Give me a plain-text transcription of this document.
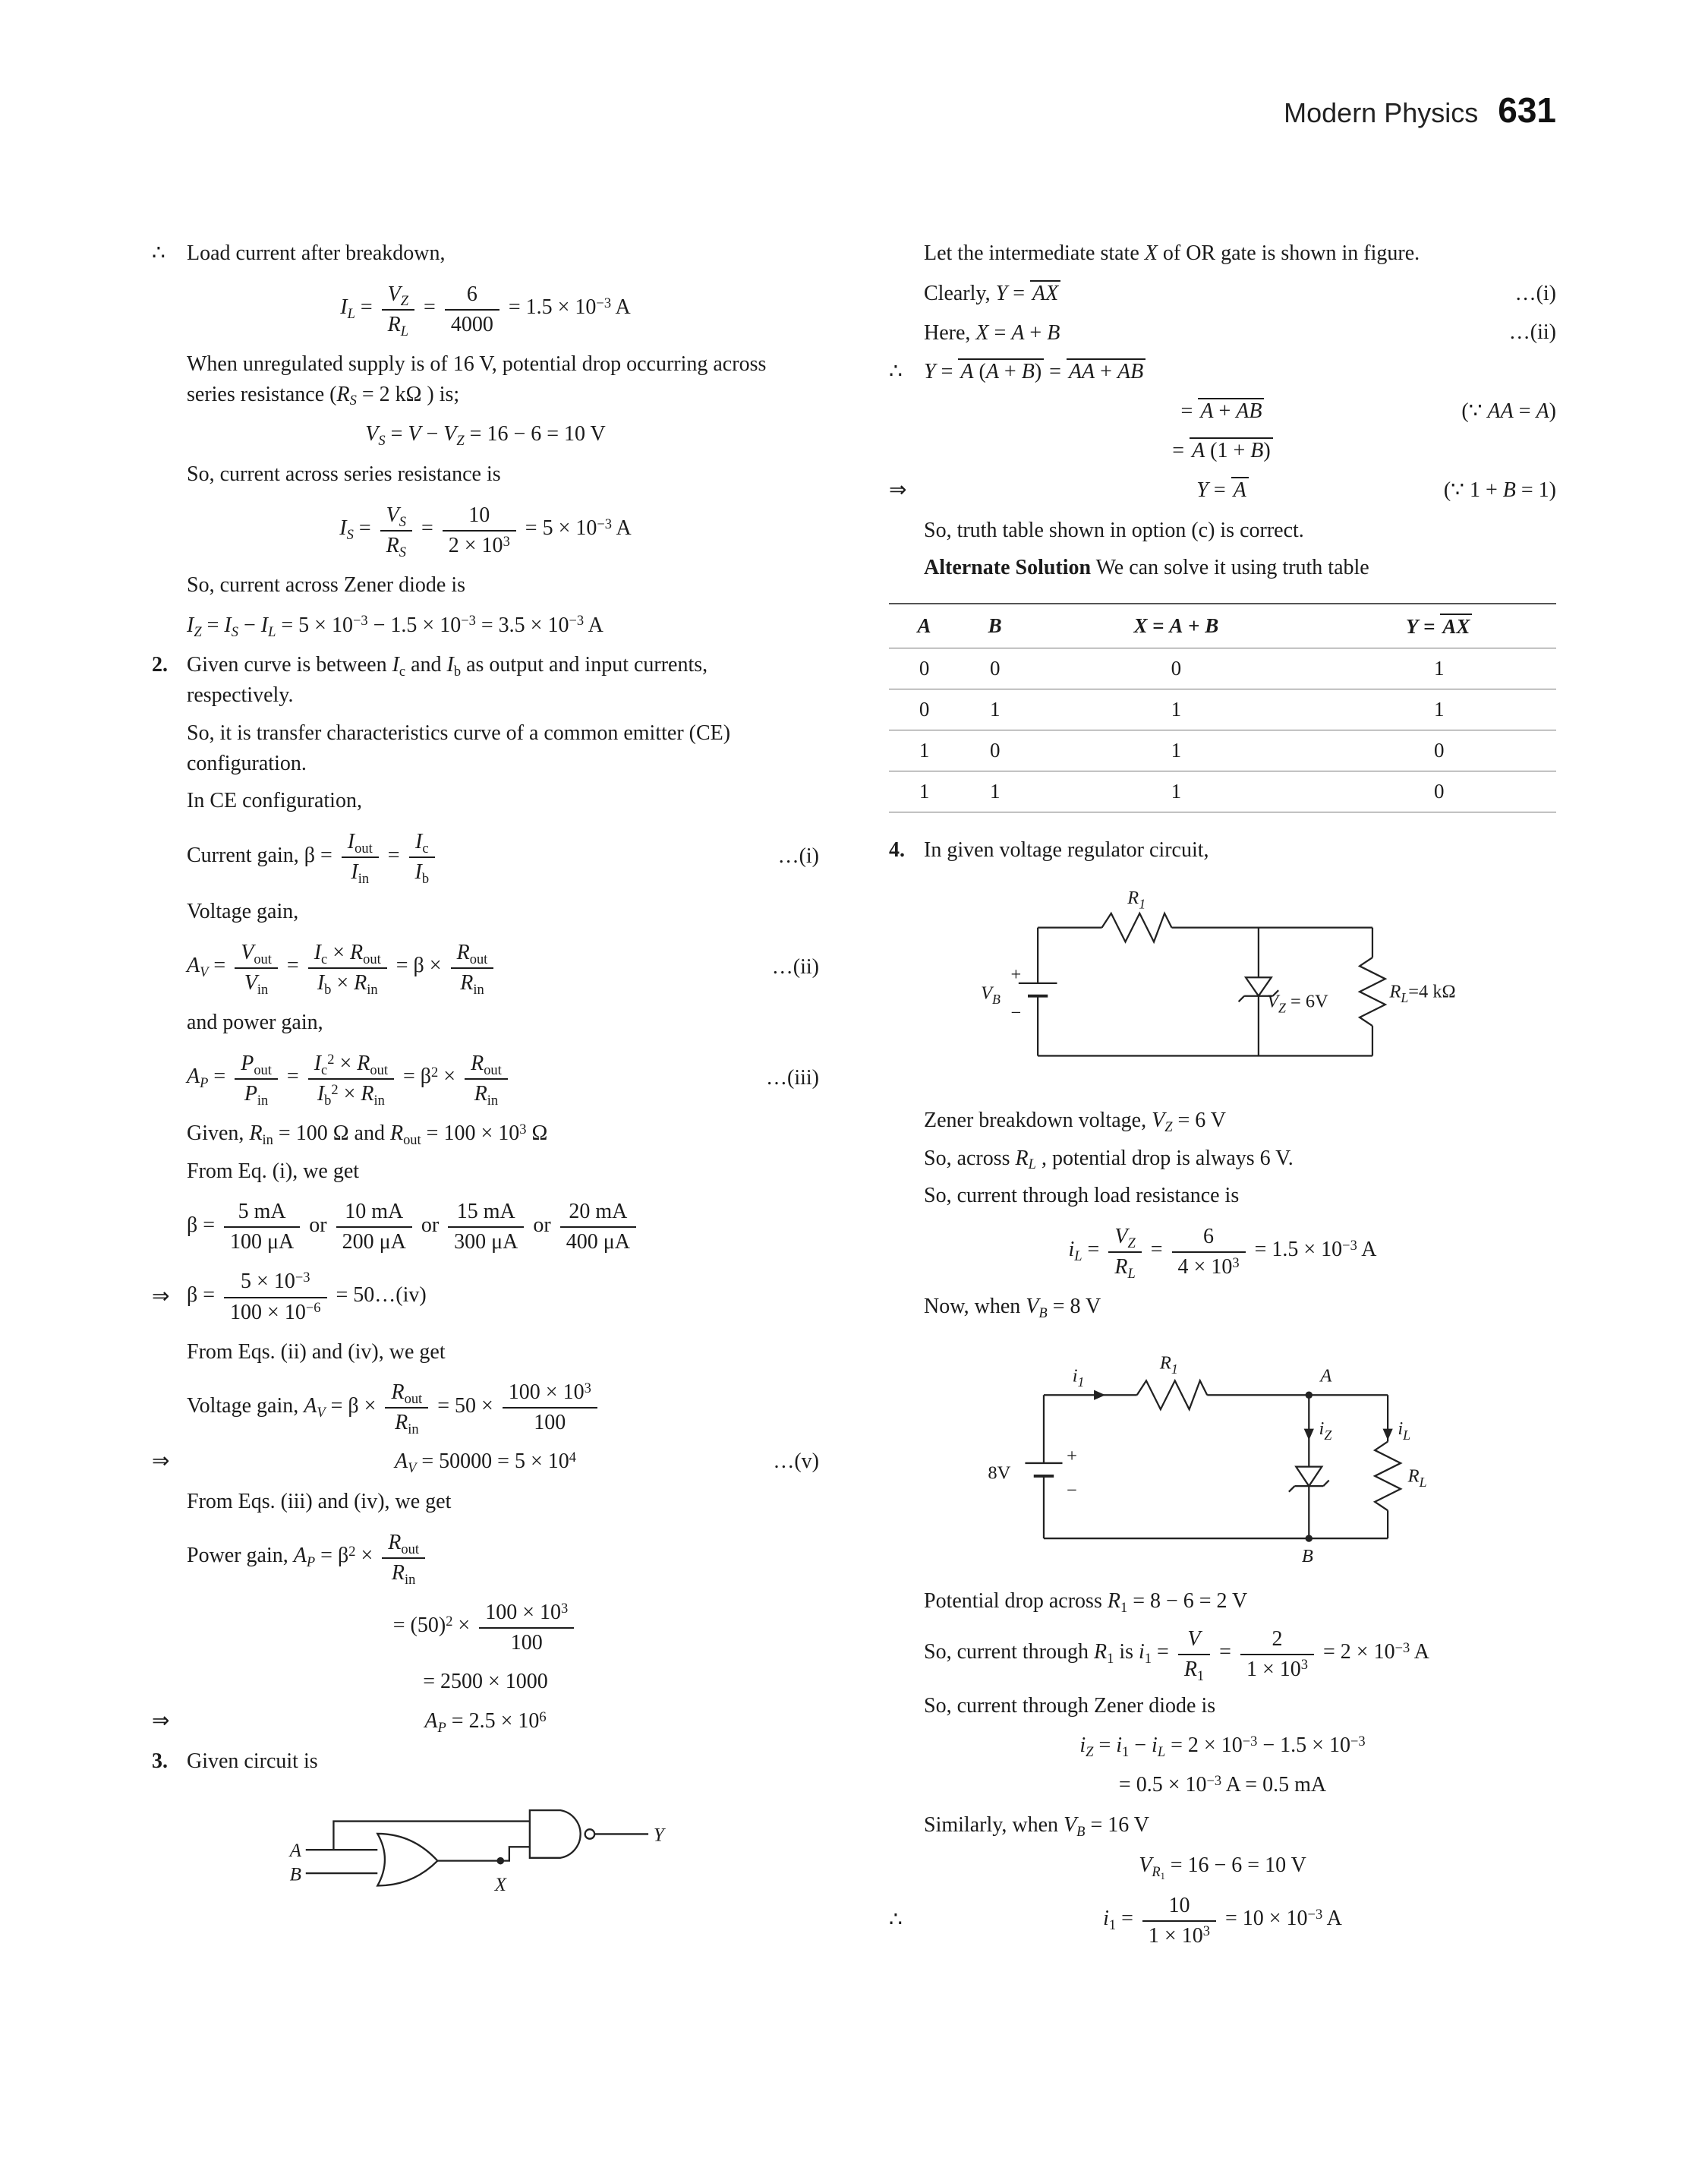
Modern Physics 631
∴ Load current after breakdown,
$I_L = \frac{V_Z}{R_L} = \frac{6}{4000} = 1.5 \times 10^{-3}$ A
When unregulated supply is of 16 V, potential drop occurring across series resistance ($R_S = 2$ kΩ ) is;
$V_S = V - V_Z = 16 - 6 = 10$ V
So, current across series resistance is
$I_S = \frac{V_S}{R_S} = \frac{10}{2 \times 10^3} = 5 \times 10^{-3}$ A
So, current across Zener diode is
$I_Z = I_S - I_L = 5 \times 10^{-3} - 1.5 \times 10^{-3} = 3.5 \times 10^{-3}$ A
2. Given curve is between $I_c$ and $I_b$ as output and input currents, respectively.
So, it is transfer characteristics curve of a common emitter (CE) configuration.
In CE configuration,
Current gain, β =
$I_{out}$
$I_{in}$
= $\frac{I_c}{I_b}$	…(i)
Voltage gain,
$A_V$ =
$V_{out}$
$V_{in}$
=
$I_c \times R_{out}$
$I_b \times R_{in}$
= β ×
$R_{out}$
$R_{in}$
…(ii)
and power gain,
$A_P$ =
$P_{out}$
$P_{in}$
=
$I_c^2 \times R_{out}$
$I_b^2 \times R_{in}$
= $\beta^2$ ×
$R_{out}$
$R_{in}$
…(iii)
Given, $R_{in} = 100$ Ω and $R_{out} = 100 \times 10^3$ Ω
From Eq. (i), we get
$\beta = \frac{5 mA}{100 \mu A}$ or $\frac{10 mA}{200 \mu A}$ or $\frac{15 mA}{300 \mu A}$ or $\frac{20 mA}{400 \mu A}$
⇒ $\beta = \frac{5 \times 10^{-3}}{100 \times 10^{-6}}$ = 50…(iv)
From Eqs. (ii) and (iv), we get
Voltage gain, $A_V = \beta$ ×
$R_{out}$
$R_{in}$
= $50 \times \frac{100 \times 10^3}{100}$
⇒	$A_V = 50000 = 5 \times 10^4$	…(v)
From Eqs. (iii) and (iv), we get
Power gain, $A_P = \beta^2$ ×
$R_{out}$
$R_{in}$
= $(50)^2 \times \frac{100 \times 10^3}{100}$
= 2500 × 1000
⇒	$A_P = 2.5 \times 10^6$
3. Given circuit is
A
B	X
Y
Let the intermediate state X of OR gate is shown in figure.
Clearly, Y = AX	…(i)
Here, X = A + B	…(ii)
∴ Y = A (A + B) = AA + AB
= A + AB	(∵ AA = A)
= A (1 + B)
⇒	Y = A	(∵ 1 + B = 1)
So, truth table shown in option (c) is correct.
Alternate Solution We can solve it using truth table
A	B	X = A + B	Y = AX
0	0	0	1
0	1	1	1
1	0	1	0
1	1	1	0
4. In given voltage regulator circuit,
$R_1$
$V_B$
+
−
$V_Z = 6V$	$R_L=4$ kΩ
Zener breakdown voltage, $V_Z = 6$ V
So, across $R_L$ , potential drop is always 6 V.
So, current through load resistance is
$i_L = \frac{V_Z}{R_L} = \frac{6}{4 \times 10^3} = 1.5 \times 10^{-3}$ A
Now, when $V_B = 8$ V
$i_1$
$R_1$	A
$i_Z$	$i_L$
8V
+
−
$R_L$
B
Potential drop across $R_1 = 8 - 6 = 2$ V
So, current through $R_1$ is $i_1 = \frac{V}{R_1} = \frac{2}{1 \times 10^3} = 2 \times 10^{-3}$ A
So, current through Zener diode is
$i_Z = i_1 - i_L = 2 \times 10^{-3} - 1.5 \times 10^{-3}$
= $0.5 \times 10^{-3}$ A = 0.5 mA
Similarly, when $V_B = 16$ V
$V_{R_1} = 16 - 6 = 10$ V
∴	$i_1 = \frac{10}{1 \times 10^3} = 10 \times 10^{-3}$ A
